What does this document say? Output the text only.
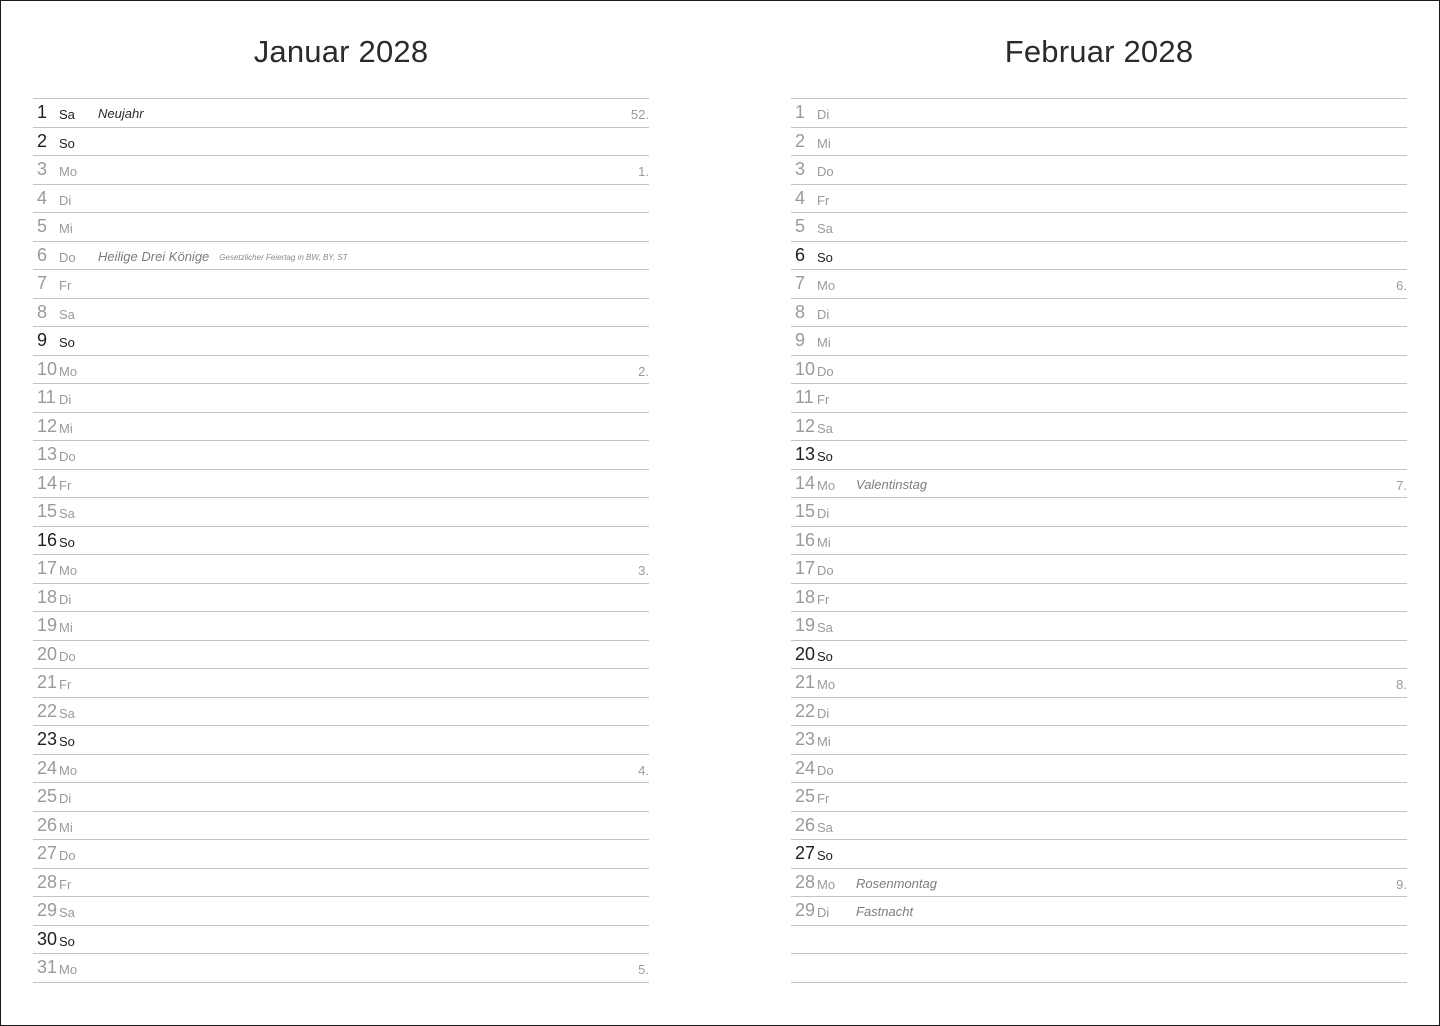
Januar 2028
1 Sa Neujahr	52.
2 So
3 Mo	1.
4 Di
5 Mi
6 Do Heilige Drei Könige Gesetzlicher Feiertag in BW, BY, ST
7 Fr
8 Sa
9 So
10 Mo	2.
11 Di
12 Mi
13 Do
14 Fr
15 Sa
16 So
17 Mo	3.
18 Di
19 Mi
20 Do
21 Fr
22 Sa
23 So
24 Mo	4.
25 Di
26 Mi
27 Do
28 Fr
29 Sa
30 So
31 Mo	5.
Februar 2028
1 Di
2 Mi
3 Do
4 Fr
5 Sa
6 So
7 Mo	6.
8 Di
9 Mi
10 Do
11 Fr
12 Sa
13 So
14 Mo Valentinstag	7.
15 Di
16 Mi
17 Do
18 Fr
19 Sa
20 So
21 Mo	8.
22 Di
23 Mi
24 Do
25 Fr
26 Sa
27 So
28 Mo Rosenmontag	9.
29 Di Fastnacht
